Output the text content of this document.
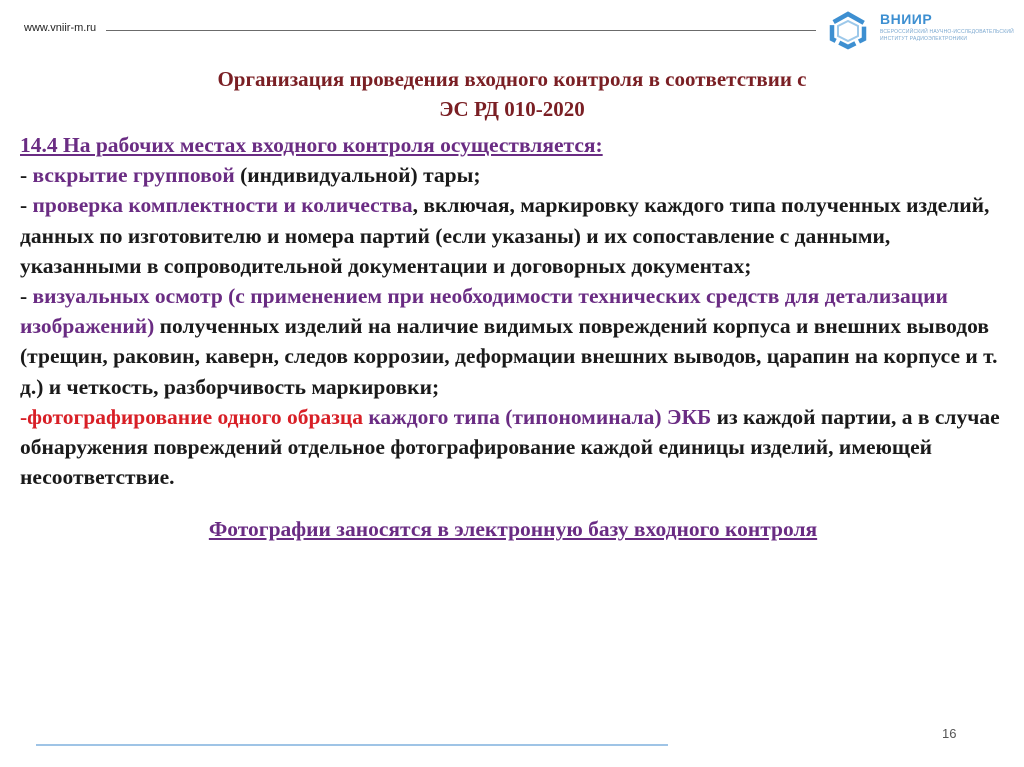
www.vniir-m.ru
ВНИИР
ВСЕРОССИЙСКИЙ НАУЧНО-ИССЛЕДОВАТЕЛЬСКИЙ ИНСТИТУТ РАДИОЭЛЕКТРОНИКИ
Организация проведения входного контроля в соответствии с
ЭС РД 010-2020

14.4 На рабочих местах входного контроля осуществляется:

- вскрытие групповой (индивидуальной) тары;

- проверка комплектности и количества, включая, маркировку каждого типа полученных изделий, данных по изготовителю и номера партий (если указаны) и их сопоставление с данными, указанными в сопроводительной документации и договорных документах;

- визуальных осмотр (с применением при необходимости технических средств для детализации изображений) полученных изделий на наличие видимых повреждений корпуса и внешних выводов (трещин, раковин, каверн, следов коррозии, деформации внешних выводов, царапин на корпусе и т. д.) и четкость, разборчивость маркировки;

-фотографирование одного образца каждого типа (типономинала) ЭКБ из каждой партии, а в случае обнаружения повреждений отдельное фотографирование каждой единицы изделий, имеющей несоответствие.

Фотографии заносятся в электронную базу входного контроля

16
